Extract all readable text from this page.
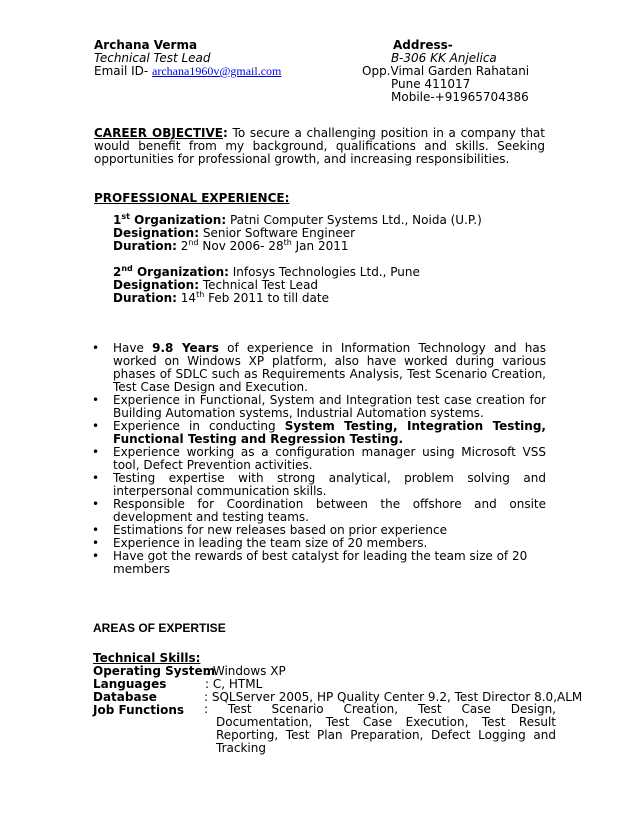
Archana Verma
Technical Test Lead
Email ID- archana1960v@gmail.com
Address-
B-306 KK Anjelica
Opp.Vimal Garden Rahatani
Pune 411017
Mobile-+91965704386
CAREER OBJECTIVE: To secure a challenging position in a company that would benefit from my background, qualifications and skills. Seeking opportunities for professional growth, and increasing responsibilities.
PROFESSIONAL EXPERIENCE:
1st Organization: Patni Computer Systems Ltd., Noida (U.P.)
Designation: Senior Software Engineer
Duration: 2nd Nov 2006- 28th Jan 2011
2nd Organization: Infosys Technologies Ltd., Pune
Designation: Technical Test Lead
Duration: 14th Feb 2011 to till date
• Have 9.8 Years of experience in Information Technology and has worked on Windows XP platform, also have worked during various phases of SDLC such as Requirements Analysis, Test Scenario Creation, Test Case Design and Execution.
• Experience in Functional, System and Integration test case creation for Building Automation systems, Industrial Automation systems.
• Experience in conducting System Testing, Integration Testing, Functional Testing and Regression Testing.
• Experience working as a configuration manager using Microsoft VSS tool, Defect Prevention activities.
• Testing expertise with strong analytical, problem solving and interpersonal communication skills.
• Responsible for Coordination between the offshore and onsite development and testing teams.
• Estimations for new releases based on prior experience
• Experience in leading the team size of 20 members.
• Have got the rewards of best catalyst for leading the team size of 20 members
AREAS OF EXPERTISE
Technical Skills:
Operating System
: Windows XP
Languages	: C, HTML
Database	: SQLServer 2005, HP Quality Center 9.2, Test Director 8.0,ALM
Job Functions : Test Scenario Creation, Test Case Design, Documentation, Test Case Execution, Test Result Reporting, Test Plan Preparation, Defect Logging and Tracking
